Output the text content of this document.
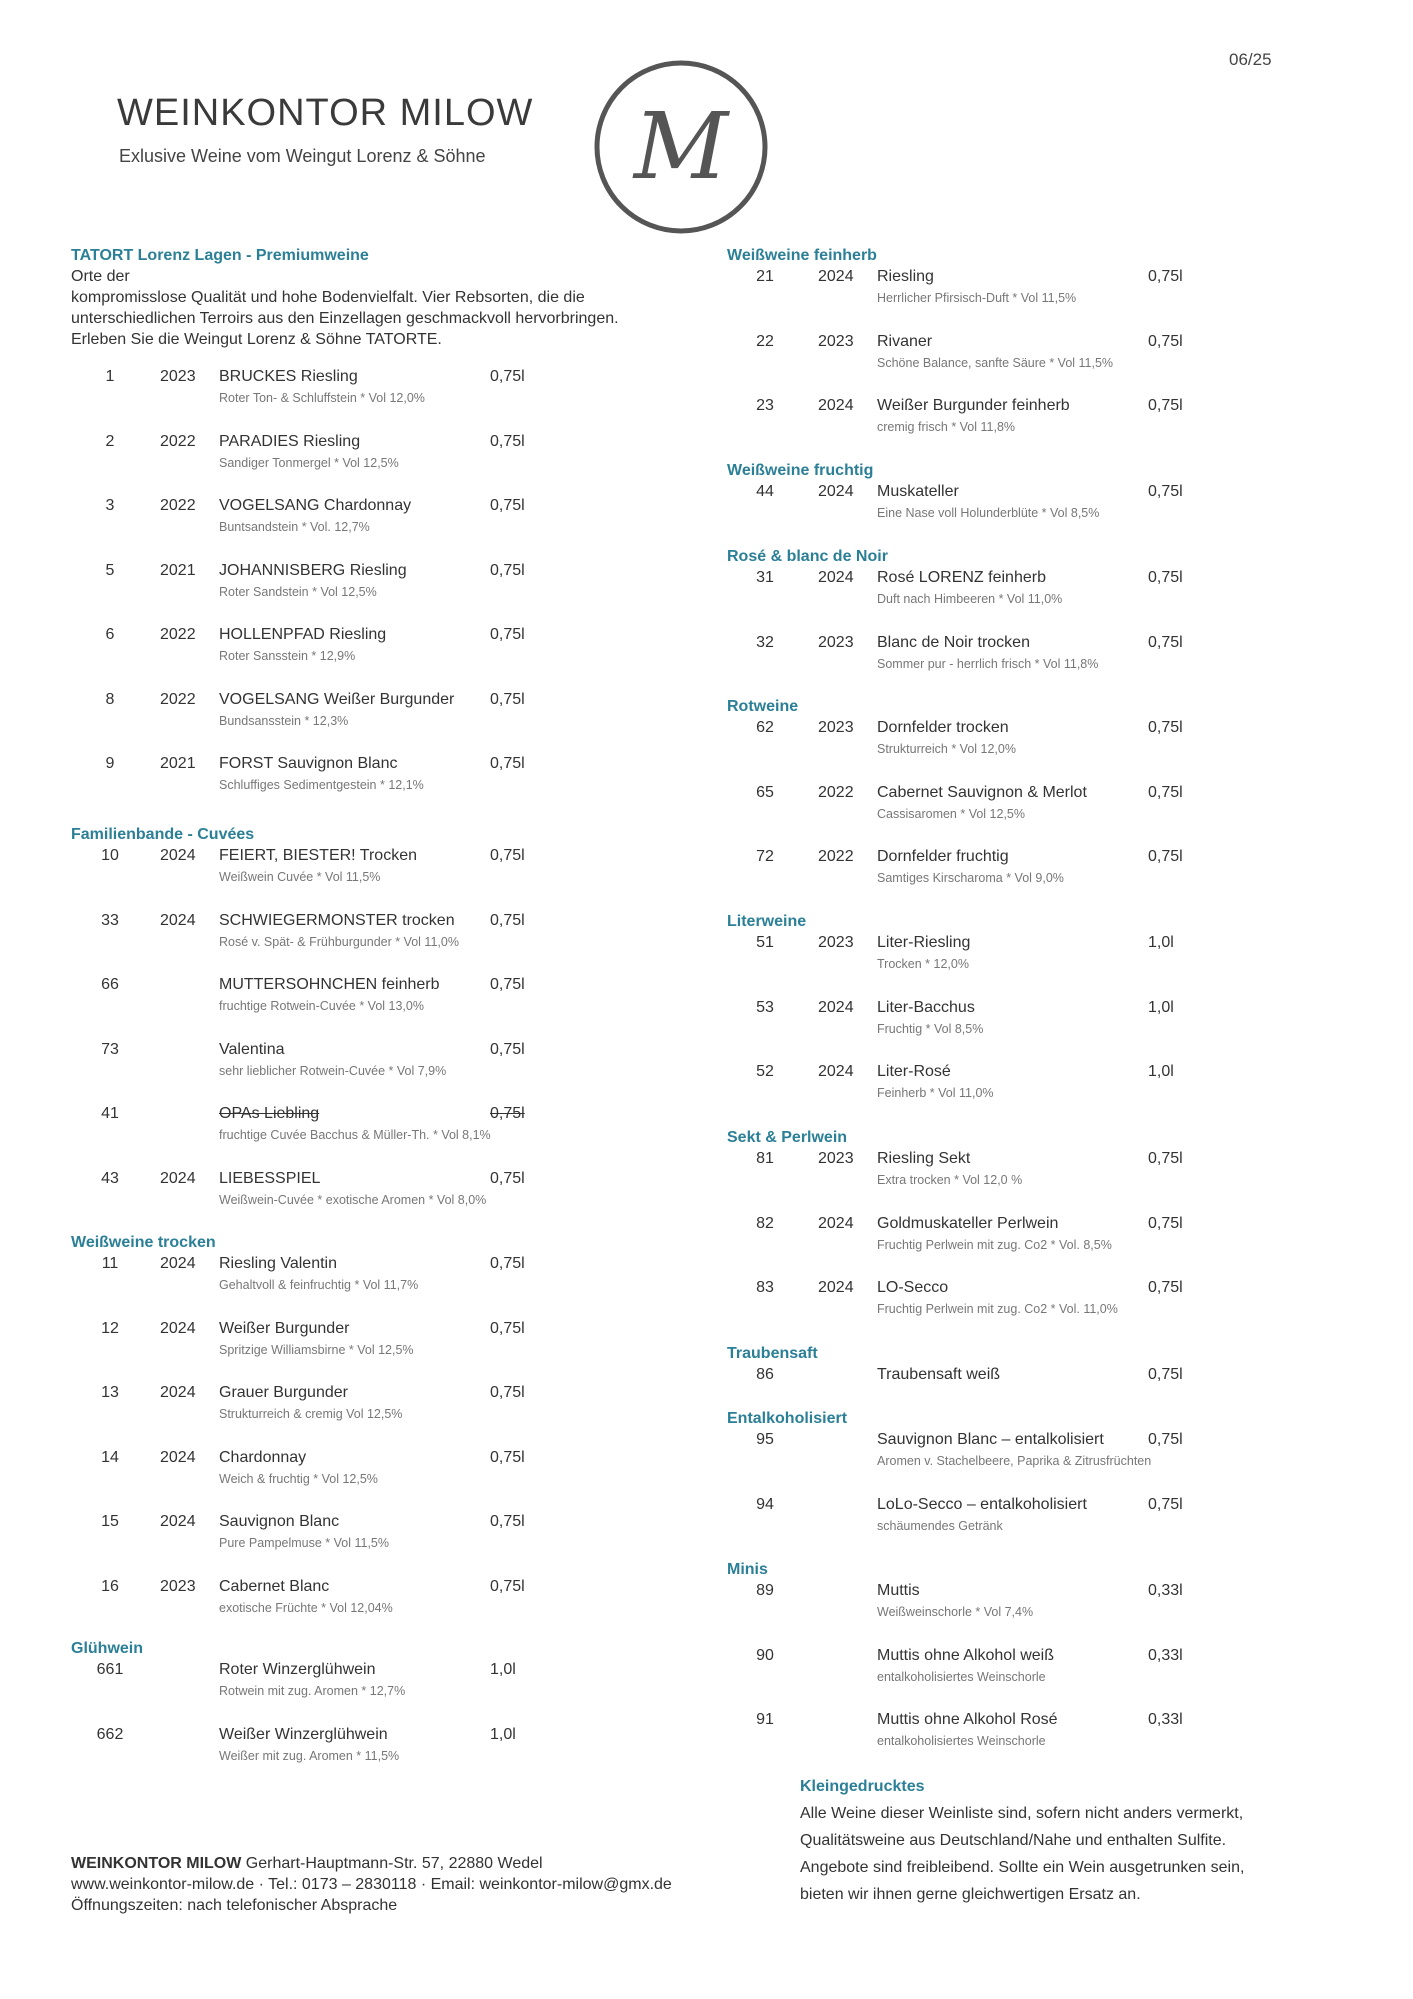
06/25
WEINKONTOR MILOW
Exlusive Weine vom Weingut Lorenz & Söhne M
Orte der
kompromisslose Qualität und hohe Bodenvielfalt. Vier Rebsorten, die die
unterschiedlichen Terroirs aus den Einzellagen geschmackvoll hervorbringen.
Erleben Sie die Weingut Lorenz & Söhne TATORTE.
TATORT Lorenz Lagen - Premiumweine
1	2023 BRUCKES Riesling	0,75l
Roter Ton- & Schluffstein * Vol 12,0%
2	2022 PARADIES Riesling	0,75l
Sandiger Tonmergel * Vol 12,5%
3	2022 VOGELSANG Chardonnay	0,75l
Buntsandstein * Vol. 12,7%
5	2021 JOHANNISBERG Riesling	0,75l
Roter Sandstein * Vol 12,5%
6	2022 HOLLENPFAD Riesling	0,75l
Roter Sansstein * 12,9%
8	2022 VOGELSANG Weißer Burgunder 0,75l
Bundsansstein * 12,3%
9	2021 FORST Sauvignon Blanc	0,75l
Schluffiges Sedimentgestein * 12,1%
Familienbande - Cuvées
10	2024 FEIERT, BIESTER! Trocken	0,75l
Weißwein Cuvée * Vol 11,5%
33	2024 SCHWIEGERMONSTER trocken 0,75l
Rosé v. Spät- & Frühburgunder * Vol 11,0%
66	MUTTERSOHNCHEN feinherb	0,75l
fruchtige Rotwein-Cuvée * Vol 13,0%
73	Valentina	0,75l
sehr lieblicher Rotwein-Cuvée * Vol 7,9%
41	OPAs Liebling	0,75l
fruchtige Cuvée Bacchus & Müller-Th. * Vol 8,1%
43	2024 LIEBESSPIEL	0,75l
Weißwein-Cuvée * exotische Aromen * Vol 8,0%
Weißweine trocken
11	2024 Riesling Valentin	0,75l
Gehaltvoll & feinfruchtig * Vol 11,7%
12	2024 Weißer Burgunder	0,75l
Spritzige Williamsbirne * Vol 12,5%
13	2024 Grauer Burgunder	0,75l
Strukturreich & cremig Vol 12,5%
14	2024 Chardonnay	0,75l
Weich & fruchtig * Vol 12,5%
15	2024 Sauvignon Blanc	0,75l
Pure Pampelmuse * Vol 11,5%
16	2023 Cabernet Blanc	0,75l
exotische Früchte * Vol 12,04%
Glühwein
661	Roter Winzerglühwein	1,0l
Rotwein mit zug. Aromen * 12,7%
662	Weißer Winzerglühwein	1,0l
Weißer mit zug. Aromen * 11,5%
Weißweine feinherb
21	2024 Riesling	0,75l
Herrlicher Pfirsisch-Duft * Vol 11,5%
22	2023 Rivaner	0,75l
Schöne Balance, sanfte Säure * Vol 11,5%
23	2024 Weißer Burgunder feinherb	0,75l
cremig frisch * Vol 11,8%
Weißweine fruchtig
44	2024 Muskateller	0,75l
Eine Nase voll Holunderblüte * Vol 8,5%
Rosé & blanc de Noir
31	2024 Rosé LORENZ feinherb	0,75l
Duft nach Himbeeren * Vol 11,0%
32	2023 Blanc de Noir trocken	0,75l
Sommer pur - herrlich frisch * Vol 11,8%
Rotweine
62	2023 Dornfelder trocken	0,75l
Strukturreich * Vol 12,0%
65	2022 Cabernet Sauvignon & Merlot	0,75l
Cassisaromen * Vol 12,5%
72	2022 Dornfelder fruchtig	0,75l
Samtiges Kirscharoma * Vol 9,0%
Literweine
51	2023 Liter-Riesling	1,0l
Trocken * 12,0%
53	2024 Liter-Bacchus	1,0l
Fruchtig * Vol 8,5%
52	2024 Liter-Rosé	1,0l
Feinherb * Vol 11,0%
Sekt & Perlwein
81	2023 Riesling Sekt	0,75l
Extra trocken * Vol 12,0 %
82	2024 Goldmuskateller Perlwein	0,75l
Fruchtig Perlwein mit zug. Co2 * Vol. 8,5%
83	2024 LO-Secco	0,75l
Fruchtig Perlwein mit zug. Co2 * Vol. 11,0%
Traubensaft
86	Traubensaft weiß	0,75l
Entalkoholisiert
95	Sauvignon Blanc – entalkolisiert	0,75l
Aromen v. Stachelbeere, Paprika & Zitrusfrüchten
94	LoLo-Secco – entalkoholisiert	0,75l
schäumendes Getränk
Minis
89	Muttis	0,33l
Weißweinschorle * Vol 7,4%
90	Muttis ohne Alkohol weiß	0,33l
entalkoholisiertes Weinschorle
91	Muttis ohne Alkohol Rosé	0,33l
entalkoholisiertes Weinschorle
Kleingedrucktes
Alle Weine dieser Weinliste sind, sofern nicht anders vermerkt,
Qualitätsweine aus Deutschland/Nahe und enthalten Sulfite.
Angebote sind freibleibend. Sollte ein Wein ausgetrunken sein,
bieten wir ihnen gerne gleichwertigen Ersatz an.
WEINKONTOR MILOW Gerhart-Hauptmann-Str. 57, 22880 Wedel
www.weinkontor-milow.de · Tel.: 0173 – 2830118 · Email: weinkontor-milow@gmx.de
Öffnungszeiten: nach telefonischer Absprache
